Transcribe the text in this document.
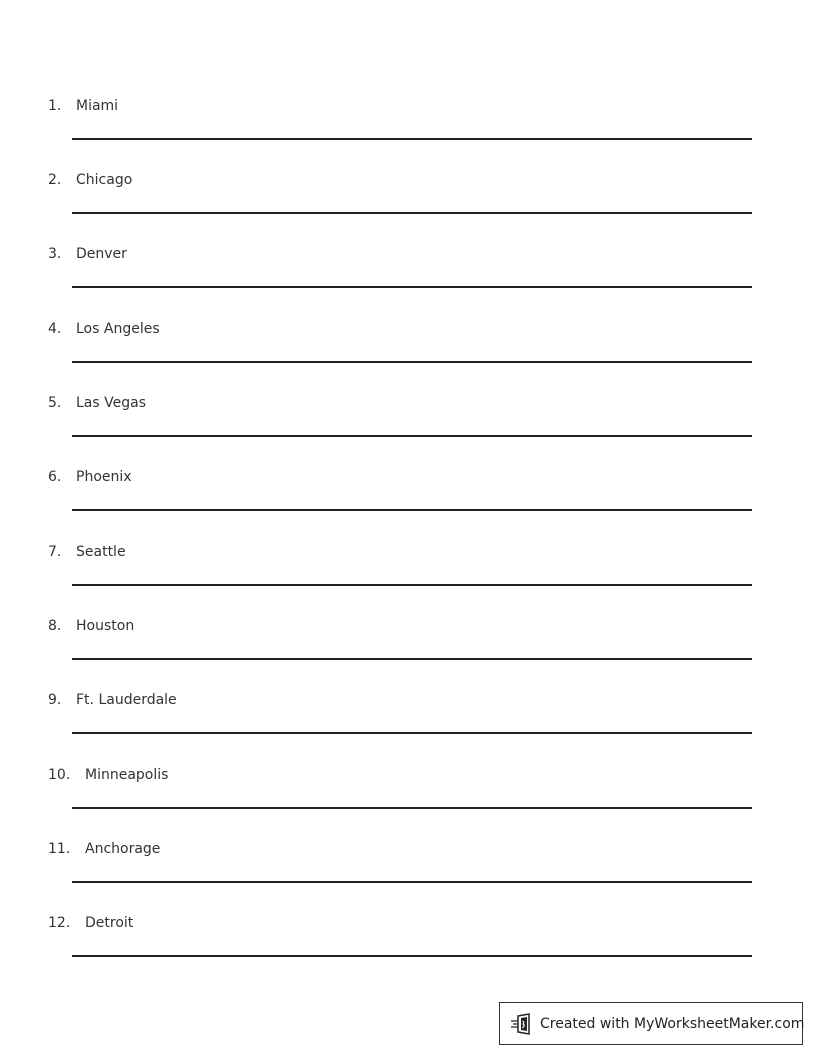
1. Miami
2. Chicago
3. Denver
4. Los Angeles
5. Las Vegas
6. Phoenix
7. Seattle
8. Houston
9. Ft. Lauderdale
10. Minneapolis
11. Anchorage
12. Detroit
Created with MyWorksheetMaker.com
